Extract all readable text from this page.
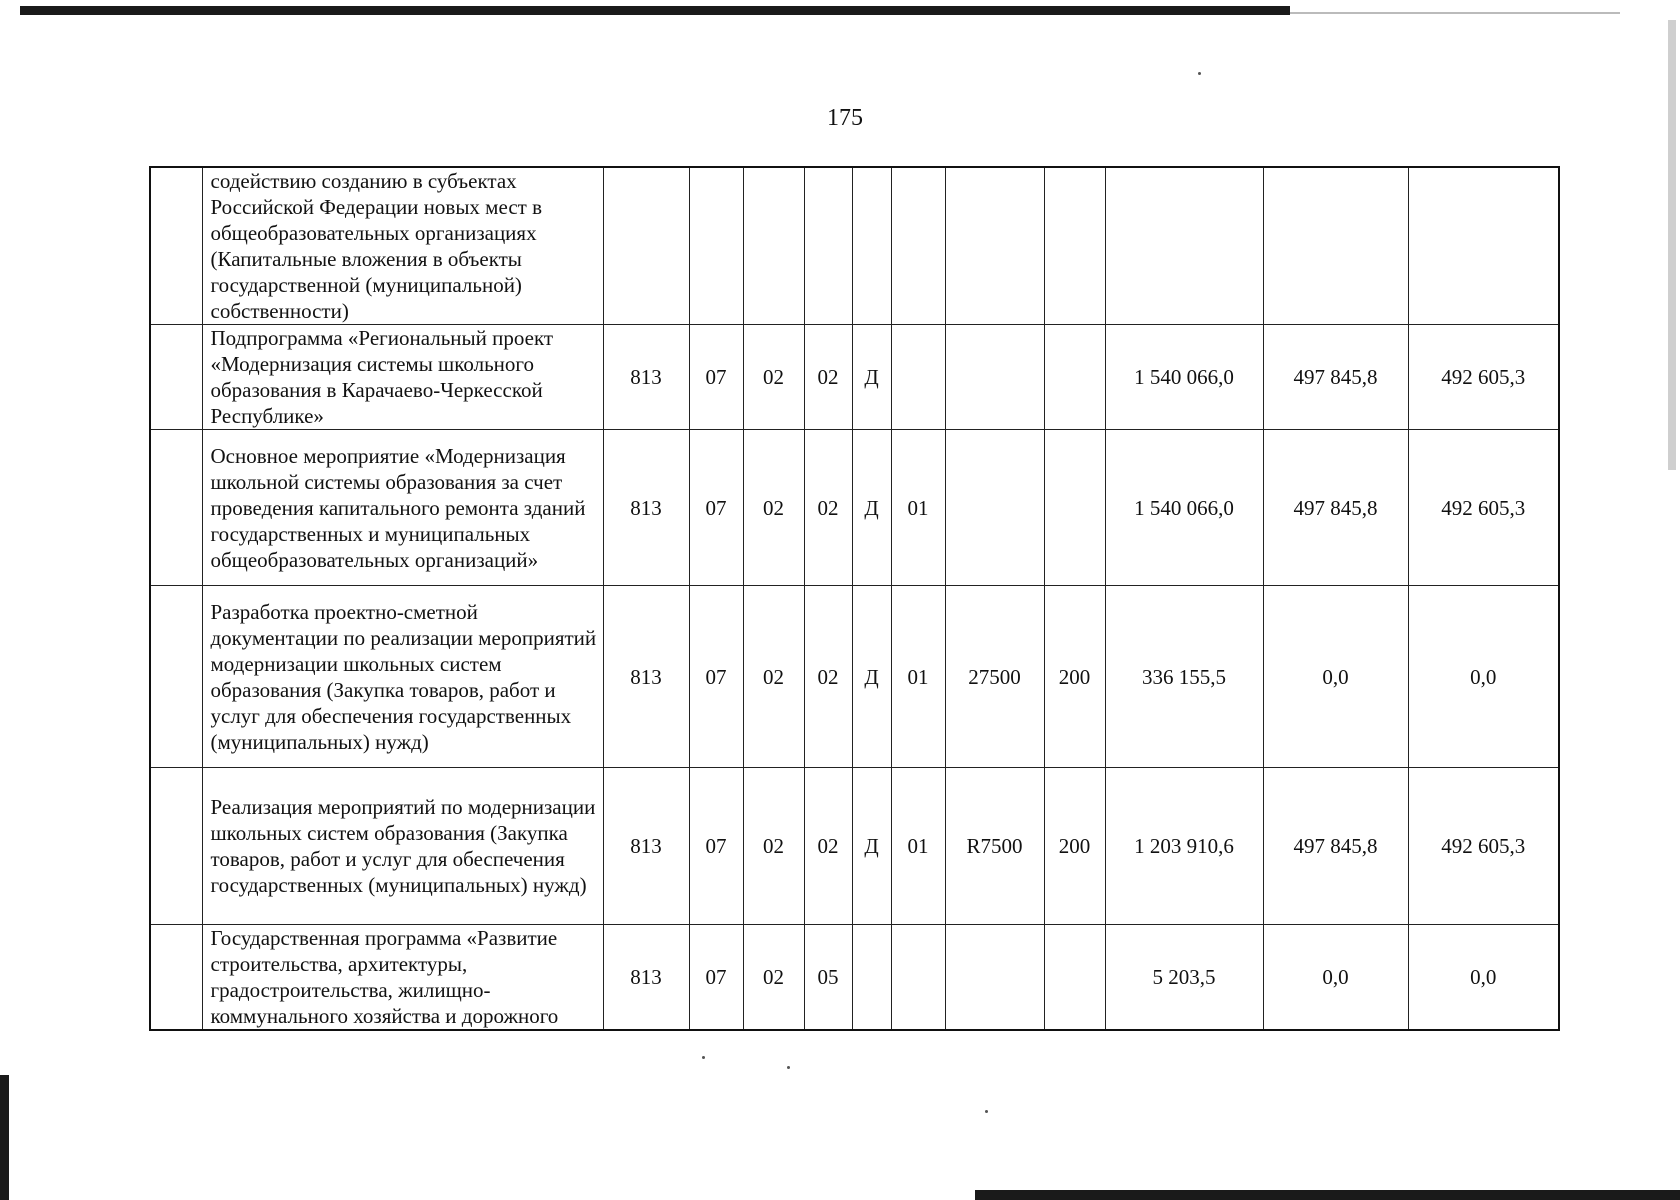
175
	содействию созданию в субъектах Российской Федерации новых мест в общеобразовательных организациях (Капитальные вложения в объекты государственной (муниципальной) собственности)											
	Подпрограмма «Региональный проект «Модернизация системы школьного образования в Карачаево-Черкесской Республике»	813	07	02	02	Д				1 540 066,0	497 845,8	492 605,3
	Основное мероприятие «Модернизация школьной системы образования за счет проведения капитального ремонта зданий государственных и муниципальных общеобразовательных организаций»	813	07	02	02	Д	01			1 540 066,0	497 845,8	492 605,3
	Разработка проектно-сметной документации по реализации мероприятий модернизации школьных систем образования (Закупка товаров, работ и услуг для обеспечения государственных (муниципальных) нужд)	813	07	02	02	Д	01	27500	200	336 155,5	0,0	0,0
	Реализация мероприятий по модернизации школьных систем образования (Закупка товаров, работ и услуг для обеспечения государственных (муниципальных) нужд)	813	07	02	02	Д	01	R7500	200	1 203 910,6	497 845,8	492 605,3
	Государственная программа «Развитие строительства, архитектуры, градостроительства, жилищно-коммунального хозяйства и дорожного	813	07	02	05					5 203,5	0,0	0,0
